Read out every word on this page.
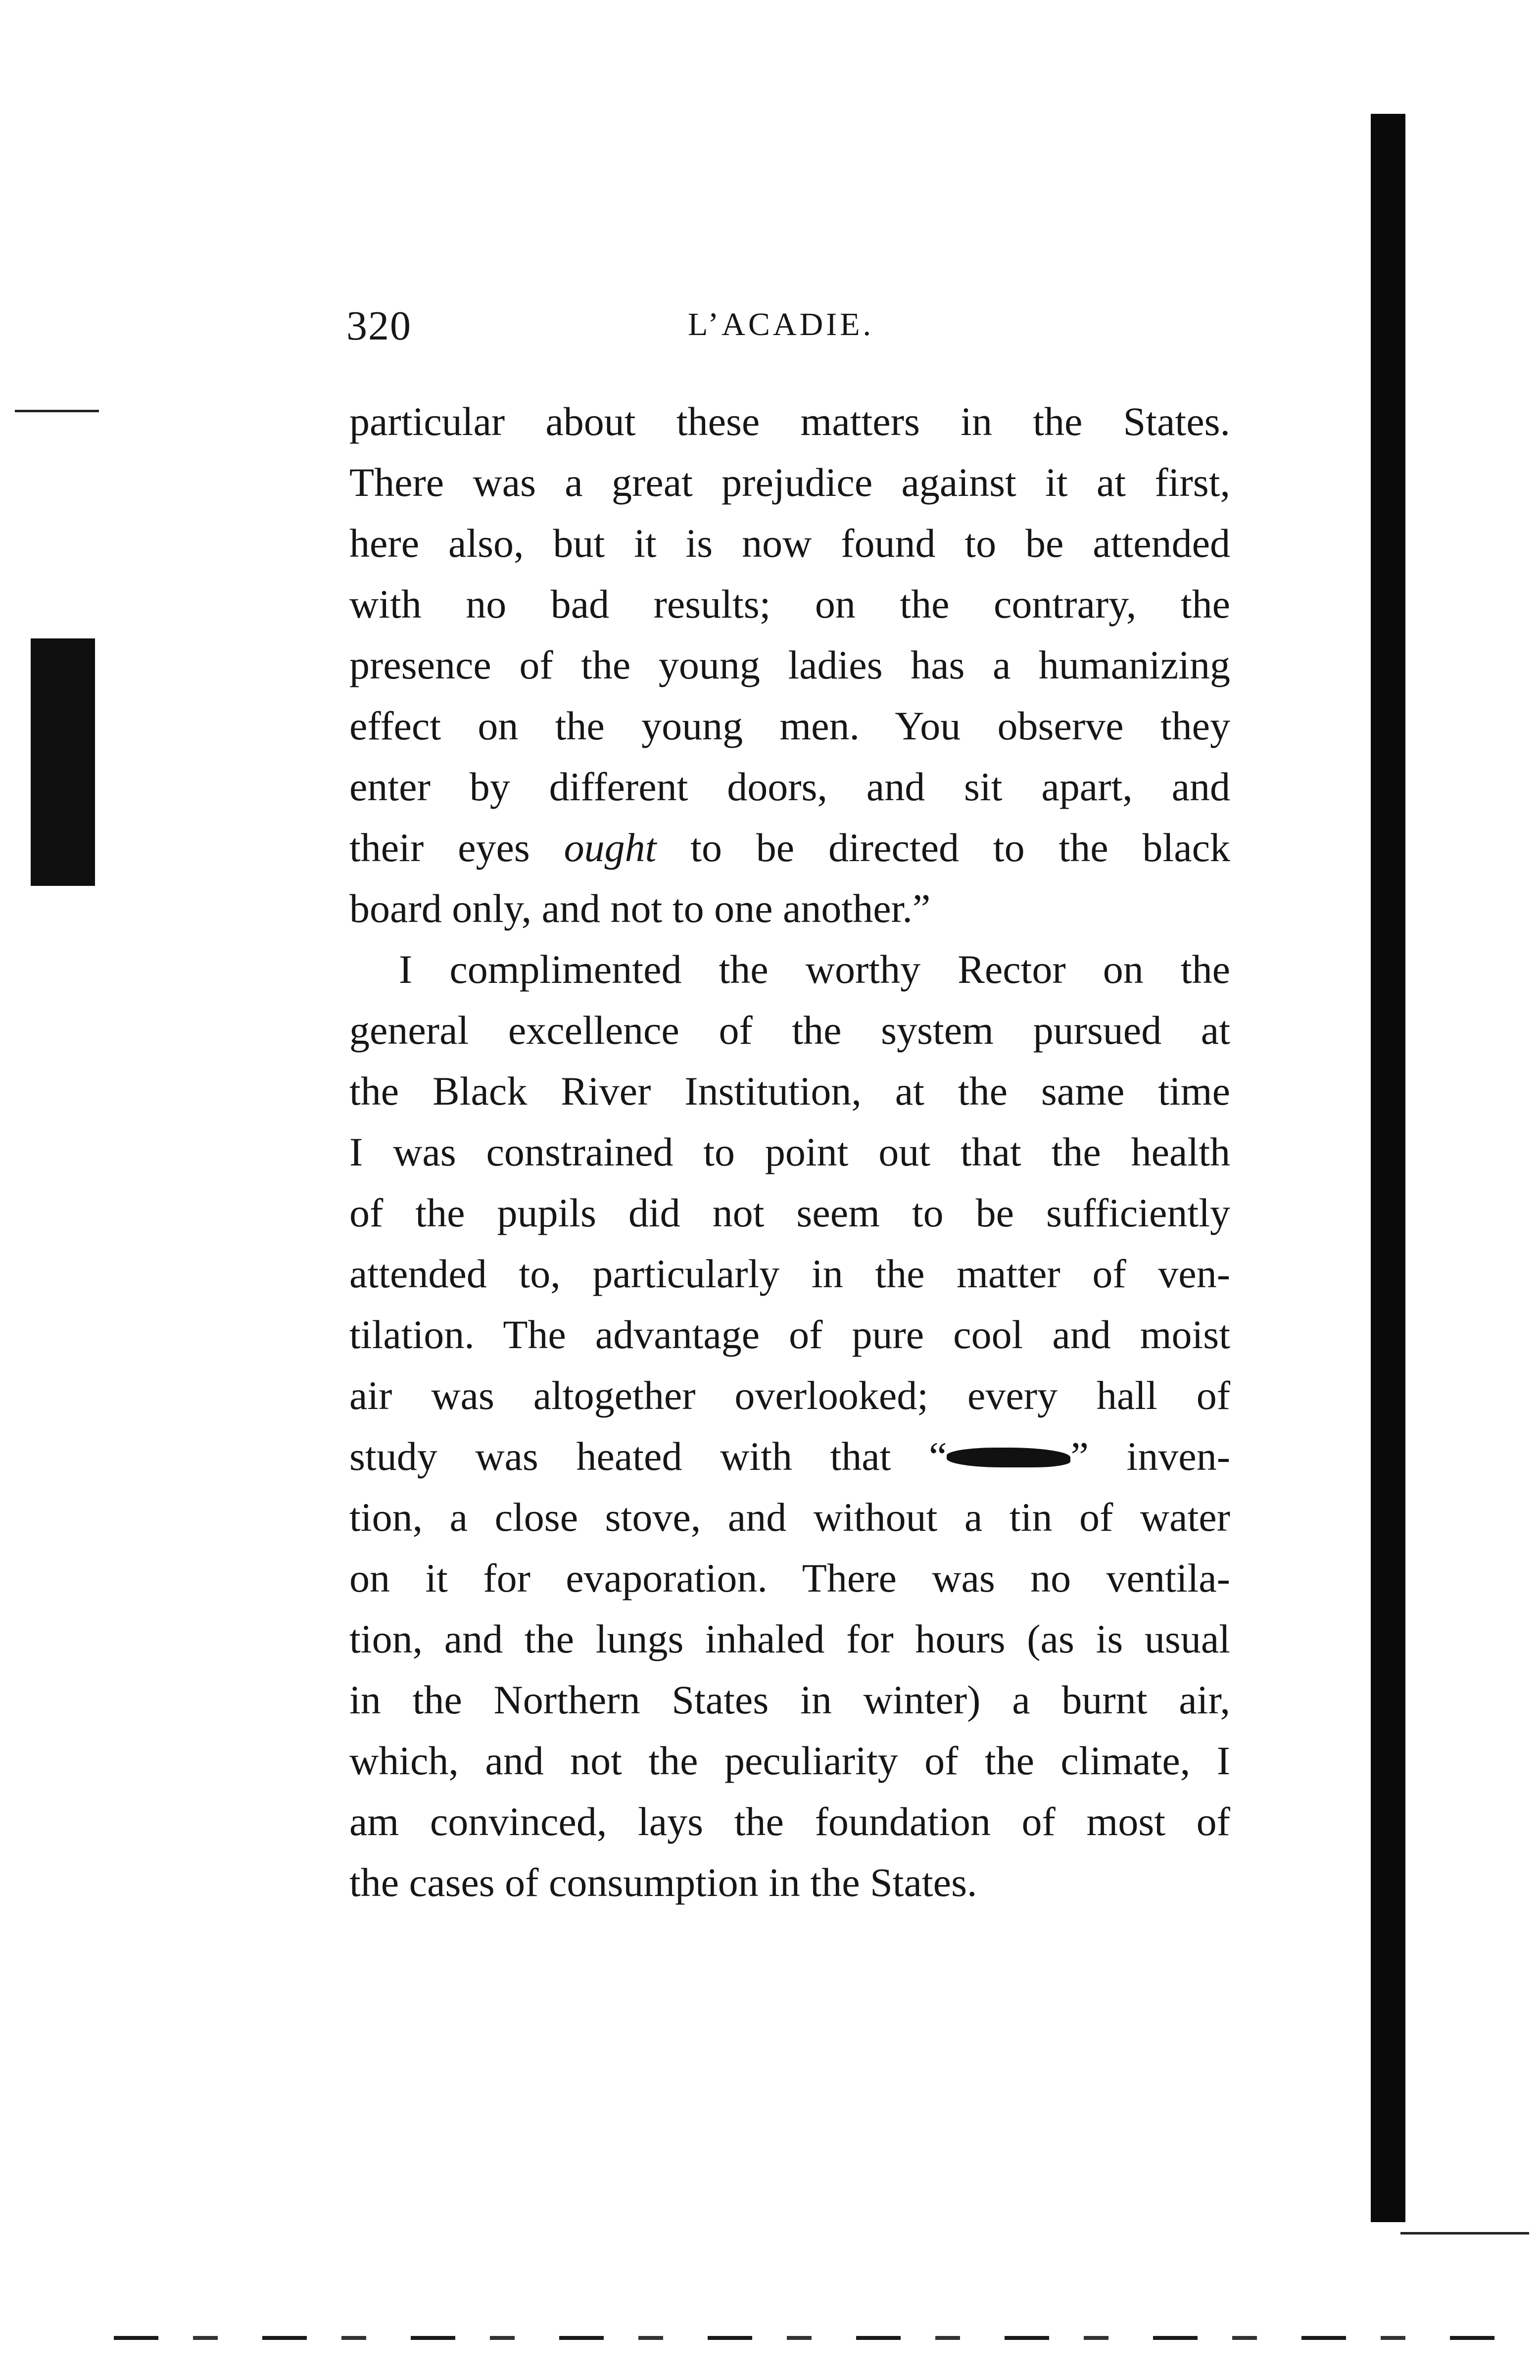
320	L’ACADIE.
particular about these matters in the States.
There was a great prejudice against it at first,
here also, but it is now found to be attended
with no bad results; on the contrary, the
presence of the young ladies has a humanizing
effect on the young men. You observe they
enter by different doors, and sit apart, and
their eyes ought to be directed to the black
board only, and not to one another.”
I complimented the worthy Rector on the
general excellence of the system pursued at
the Black River Institution, at the same time
I was constrained to point out that the health
of the pupils did not seem to be sufficiently
attended to, particularly in the matter of ven-
tilation. The advantage of pure cool and moist
air was altogether overlooked; every hall of
study was heated with that “	” inven-
tion, a close stove, and without a tin of water
on it for evaporation. There was no ventila-
tion, and the lungs inhaled for hours (as is usual
in the Northern States in winter) a burnt air,
which, and not the peculiarity of the climate, I
am convinced, lays the foundation of most of
the cases of consumption in the States.
